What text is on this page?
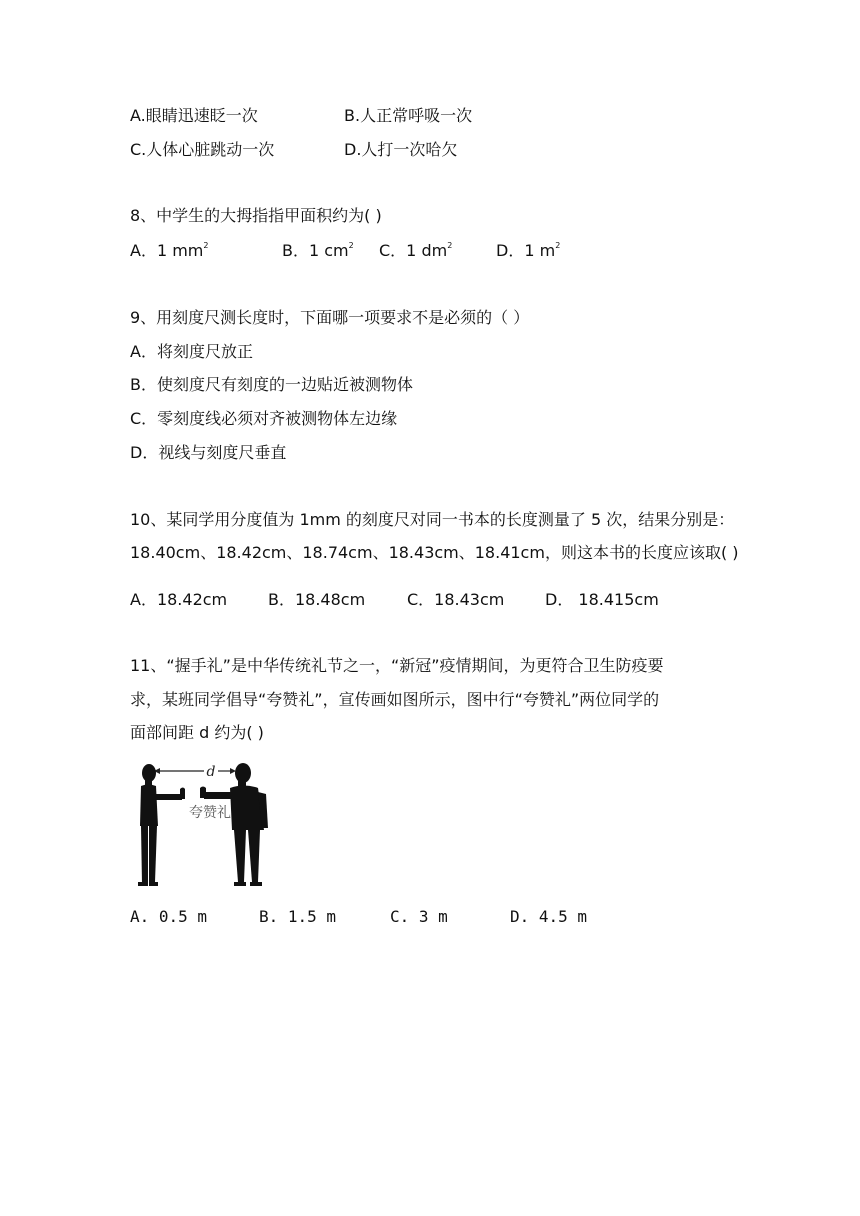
A.眼睛迅速眨一次	B.人正常呼吸一次
C.人体心脏跳动一次	D.人打一次哈欠
8、中学生的大拇指指甲面积约为( )
A．1 $mm^2$	B．1 $cm^2$ C．1 $dm^2$	D．1 $m^2$
9、用刻度尺测长度时，下面哪一项要求不是必须的（ ）
A．将刻度尺放正
B．使刻度尺有刻度的一边贴近被测物体
C．零刻度线必须对齐被测物体左边缘
D．视线与刻度尺垂直
10、某同学用分度值为 1mm 的刻度尺对同一书本的长度测量了 5 次，结果分别是：
18.40cm、18.42cm、18.74cm、18.43cm、18.41cm，则这本书的长度应该取( )
A．18.42cm	B．18.48cm	C．18.43cm	D． 18.415cm
11、“握手礼”是中华传统礼节之一，“新冠”疫情期间，为更符合卫生防疫要
求，某班同学倡导“夸赞礼”，宣传画如图所示，图中行“夸赞礼”两位同学的
面部间距 d 约为( )
d
夸赞礼
A. 0.5 m	B. 1.5 m	C. 3 m	D. 4.5 m
